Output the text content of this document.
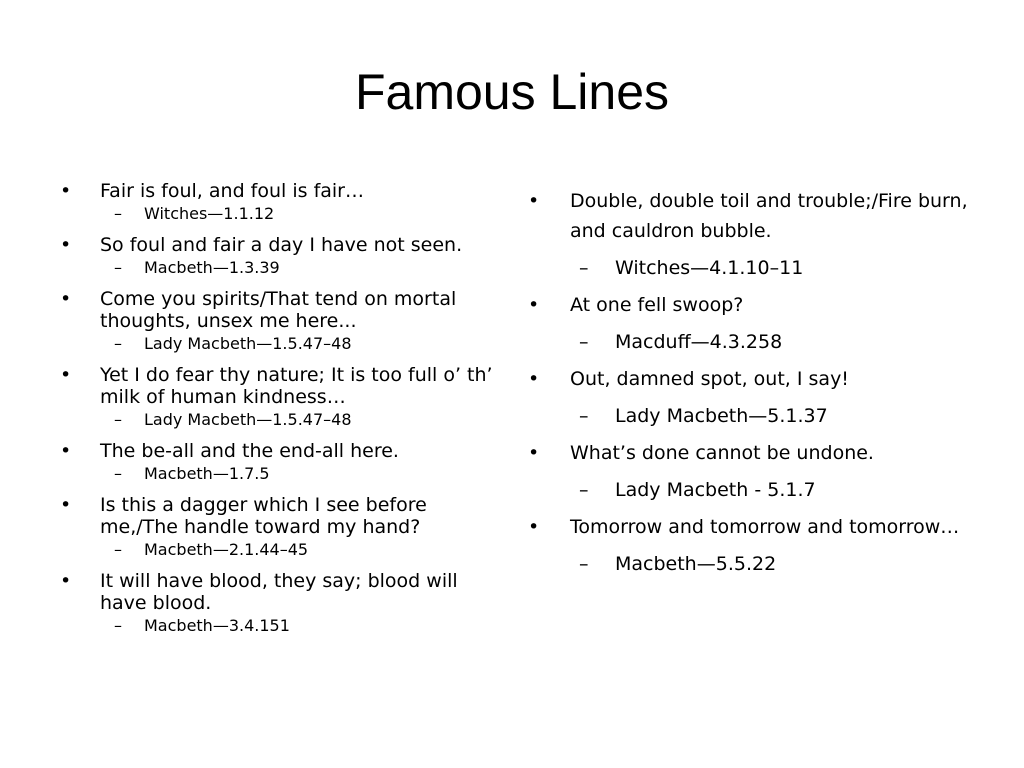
Famous Lines
• Fair is foul, and foul is fair…
– Witches—1.1.12
• So foul and fair a day I have not seen.
– Macbeth—1.3.39
• Come you spirits/That tend on mortal thoughts, unsex me here...
– Lady Macbeth—1.5.47–48
• Yet I do fear thy nature; It is too full o’ th’ milk of human kindness…
– Lady Macbeth—1.5.47–48
• The be-all and the end-all here.
– Macbeth—1.7.5
• Is this a dagger which I see before me,/The handle toward my hand?
– Macbeth—2.1.44–45
• It will have blood, they say; blood will have blood.
– Macbeth—3.4.151
• Double, double toil and trouble;/Fire burn, and cauldron bubble.
– Witches—4.1.10–11
• At one fell swoop?
– Macduff—4.3.258
• Out, damned spot, out, I say!
– Lady Macbeth—5.1.37
• What’s done cannot be undone.
– Lady Macbeth - 5.1.7
• Tomorrow and tomorrow and tomorrow…
– Macbeth—5.5.22
